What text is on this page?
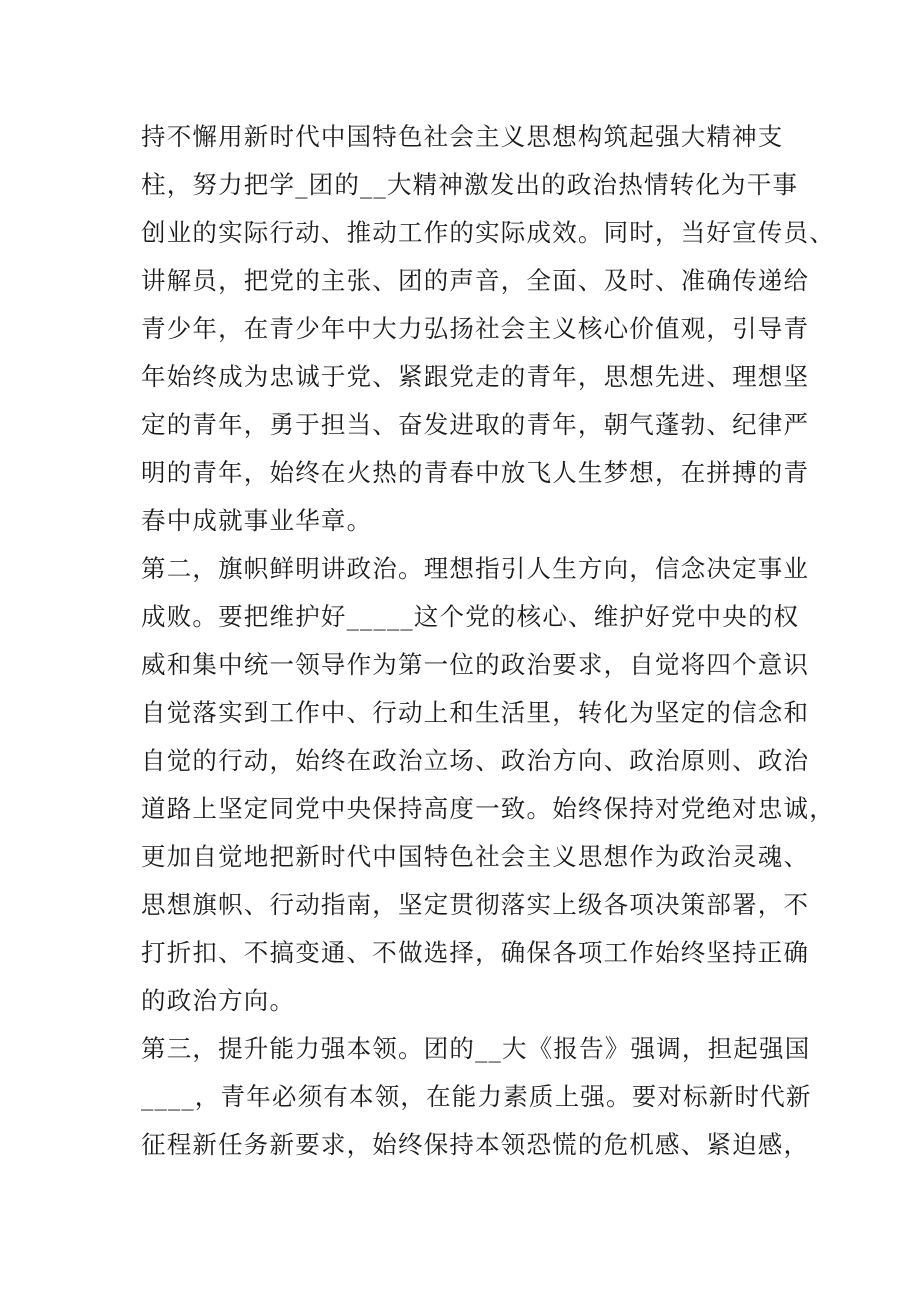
持不懈用新时代中国特色社会主义思想构筑起强大精神支
柱，努力把学_团的__大精神激发出的政治热情转化为干事
创业的实际行动、推动工作的实际成效。同时，当好宣传员、
讲解员，把党的主张、团的声音，全面、及时、准确传递给
青少年，在青少年中大力弘扬社会主义核心价值观，引导青
年始终成为忠诚于党、紧跟党走的青年，思想先进、理想坚
定的青年，勇于担当、奋发进取的青年，朝气蓬勃、纪律严
明的青年，始终在火热的青春中放飞人生梦想，在拼搏的青
春中成就事业华章。
第二，旗帜鲜明讲政治。理想指引人生方向，信念决定事业
成败。要把维护好_____这个党的核心、维护好党中央的权
威和集中统一领导作为第一位的政治要求，自觉将四个意识
自觉落实到工作中、行动上和生活里，转化为坚定的信念和
自觉的行动，始终在政治立场、政治方向、政治原则、政治
道路上坚定同党中央保持高度一致。始终保持对党绝对忠诚，
更加自觉地把新时代中国特色社会主义思想作为政治灵魂、
思想旗帜、行动指南，坚定贯彻落实上级各项决策部署，不
打折扣、不搞变通、不做选择，确保各项工作始终坚持正确
的政治方向。
第三，提升能力强本领。团的__大《报告》强调，担起强国
____，青年必须有本领，在能力素质上强。要对标新时代新
征程新任务新要求，始终保持本领恐慌的危机感、紧迫感，
